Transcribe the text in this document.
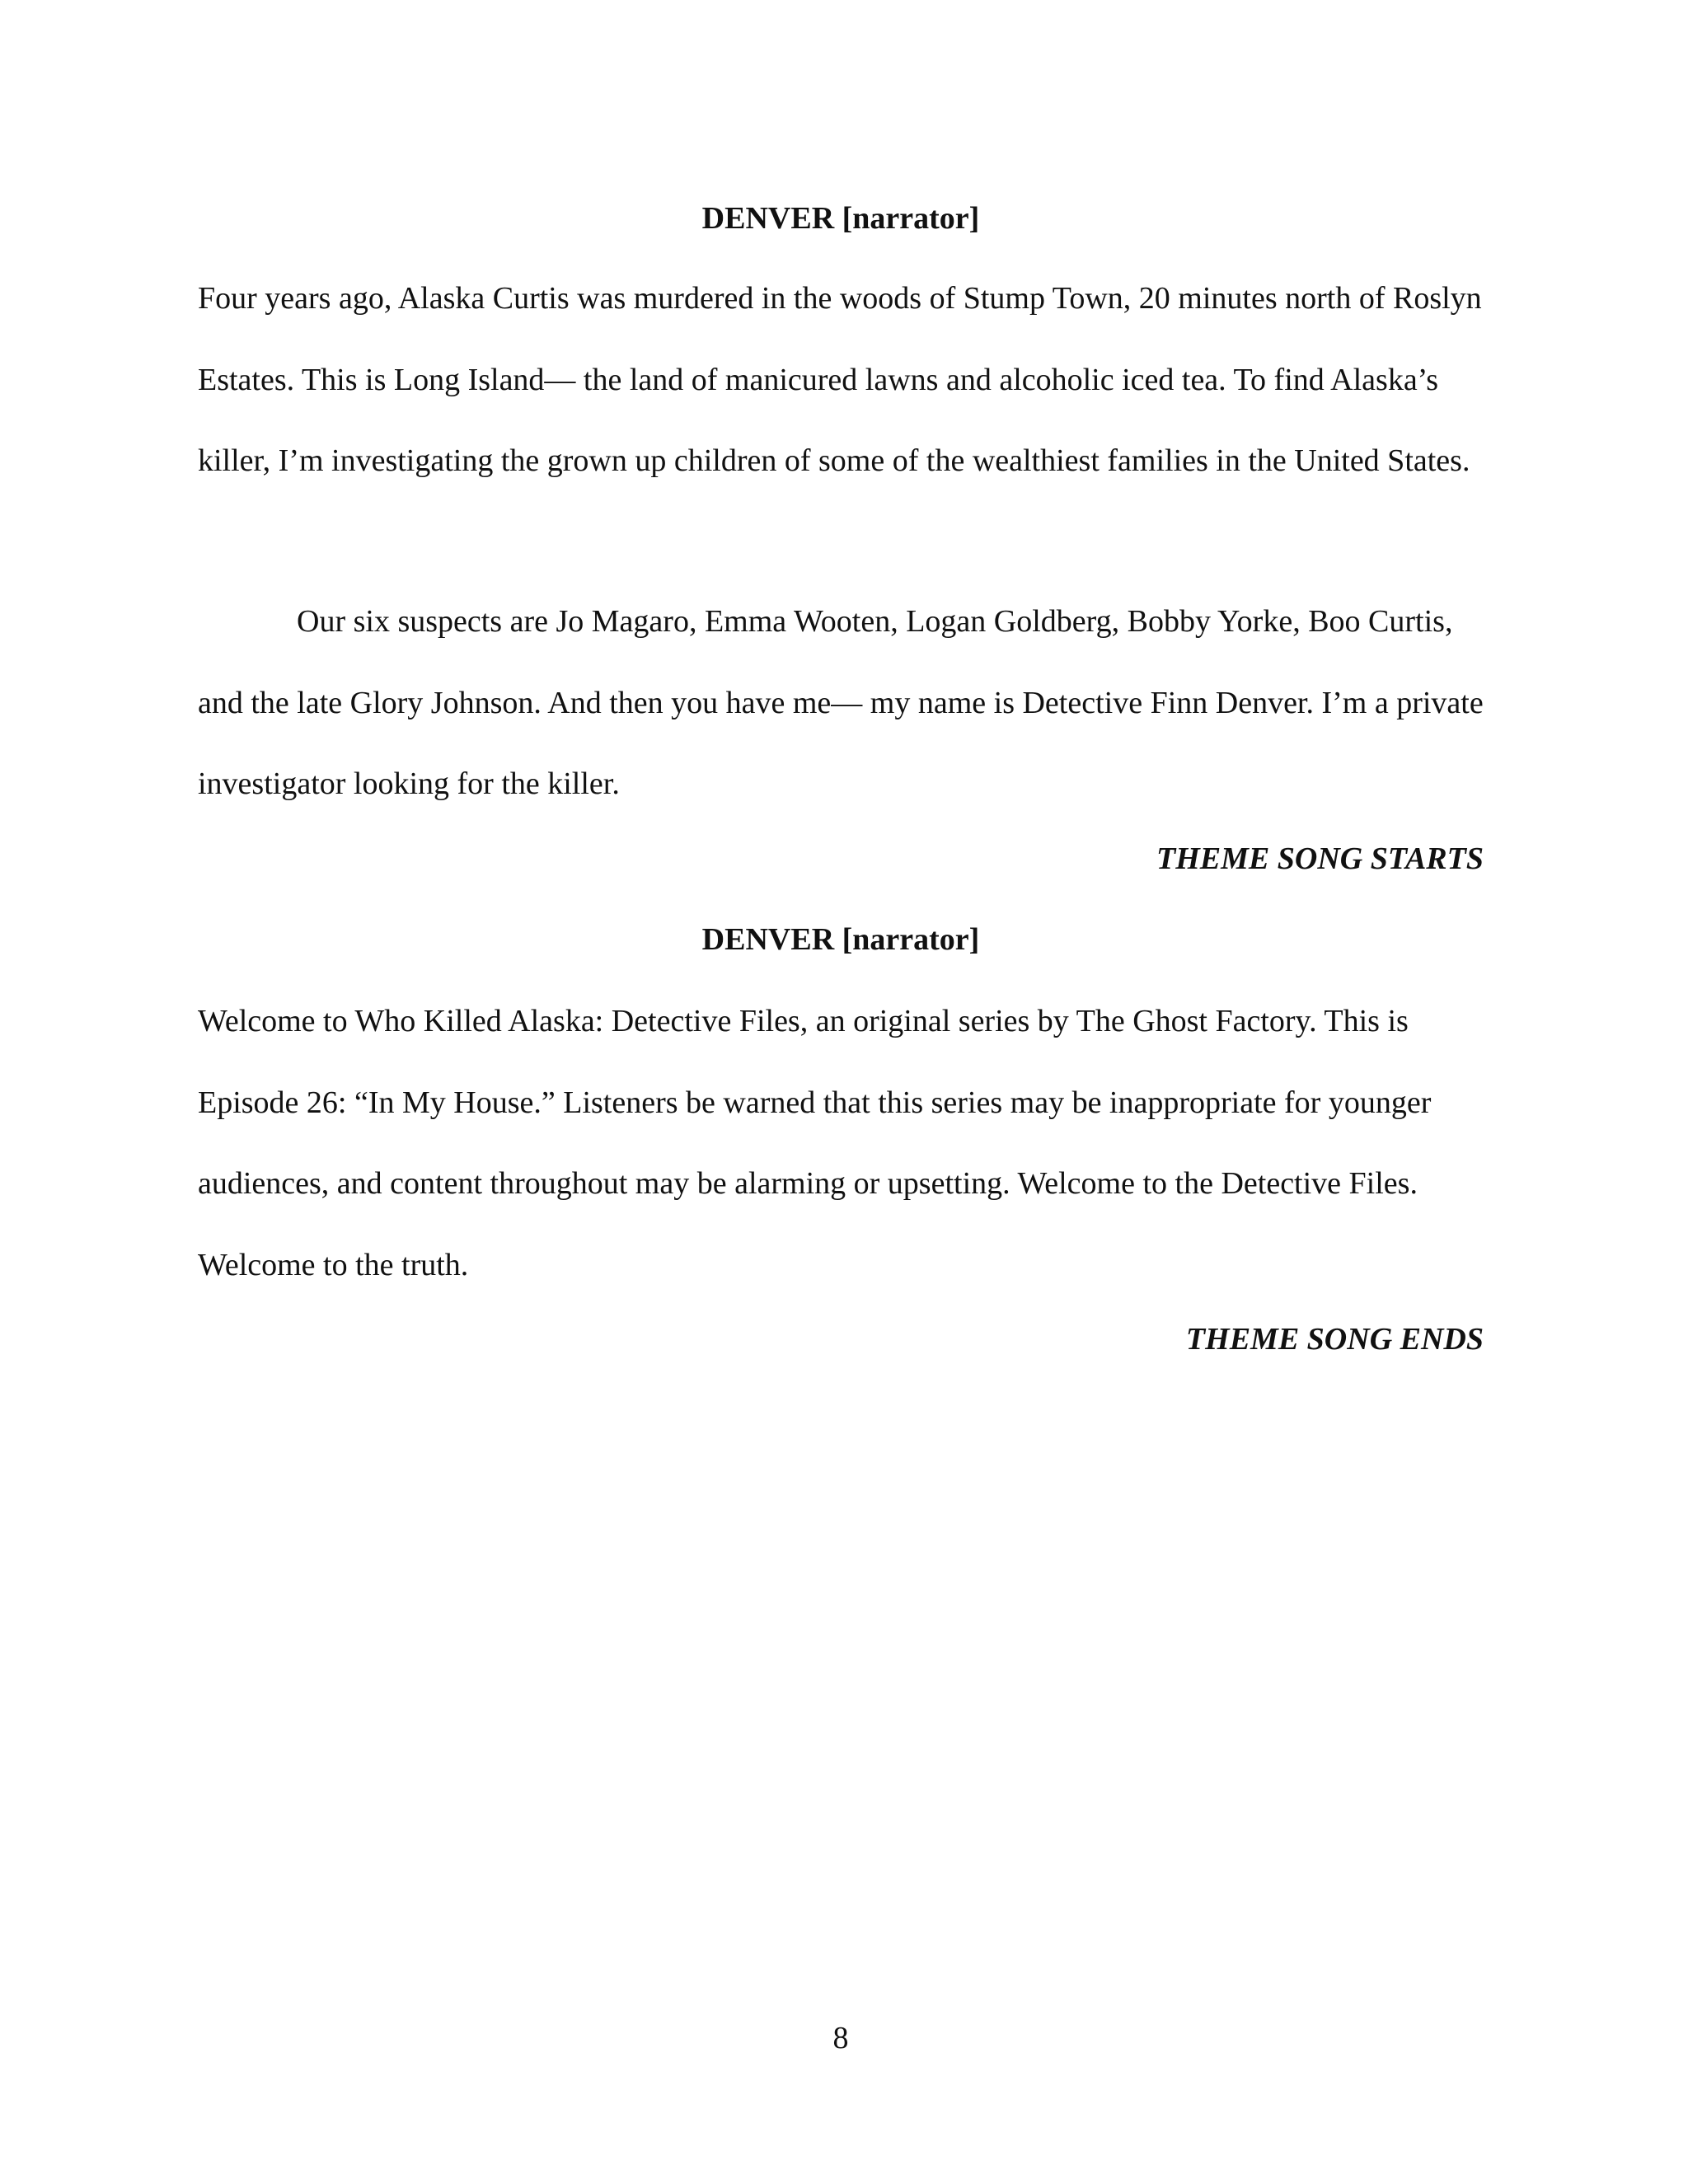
DENVER [narrator]

Four years ago, Alaska Curtis was murdered in the woods of Stump Town, 20 minutes north of Roslyn Estates. This is Long Island— the land of manicured lawns and alcoholic iced tea. To find Alaska’s killer, I’m investigating the grown up children of some of the wealthiest families in the United States.

Our six suspects are Jo Magaro, Emma Wooten, Logan Goldberg, Bobby Yorke, Boo Curtis, and the late Glory Johnson. And then you have me— my name is Detective Finn Denver. I’m a private investigator looking for the killer.

THEME SONG STARTS
DENVER [narrator]

Welcome to Who Killed Alaska: Detective Files, an original series by The Ghost Factory. This is Episode 26: “In My House.” Listeners be warned that this series may be inappropriate for younger audiences, and content throughout may be alarming or upsetting. Welcome to the Detective Files. Welcome to the truth.

THEME SONG ENDS
8
